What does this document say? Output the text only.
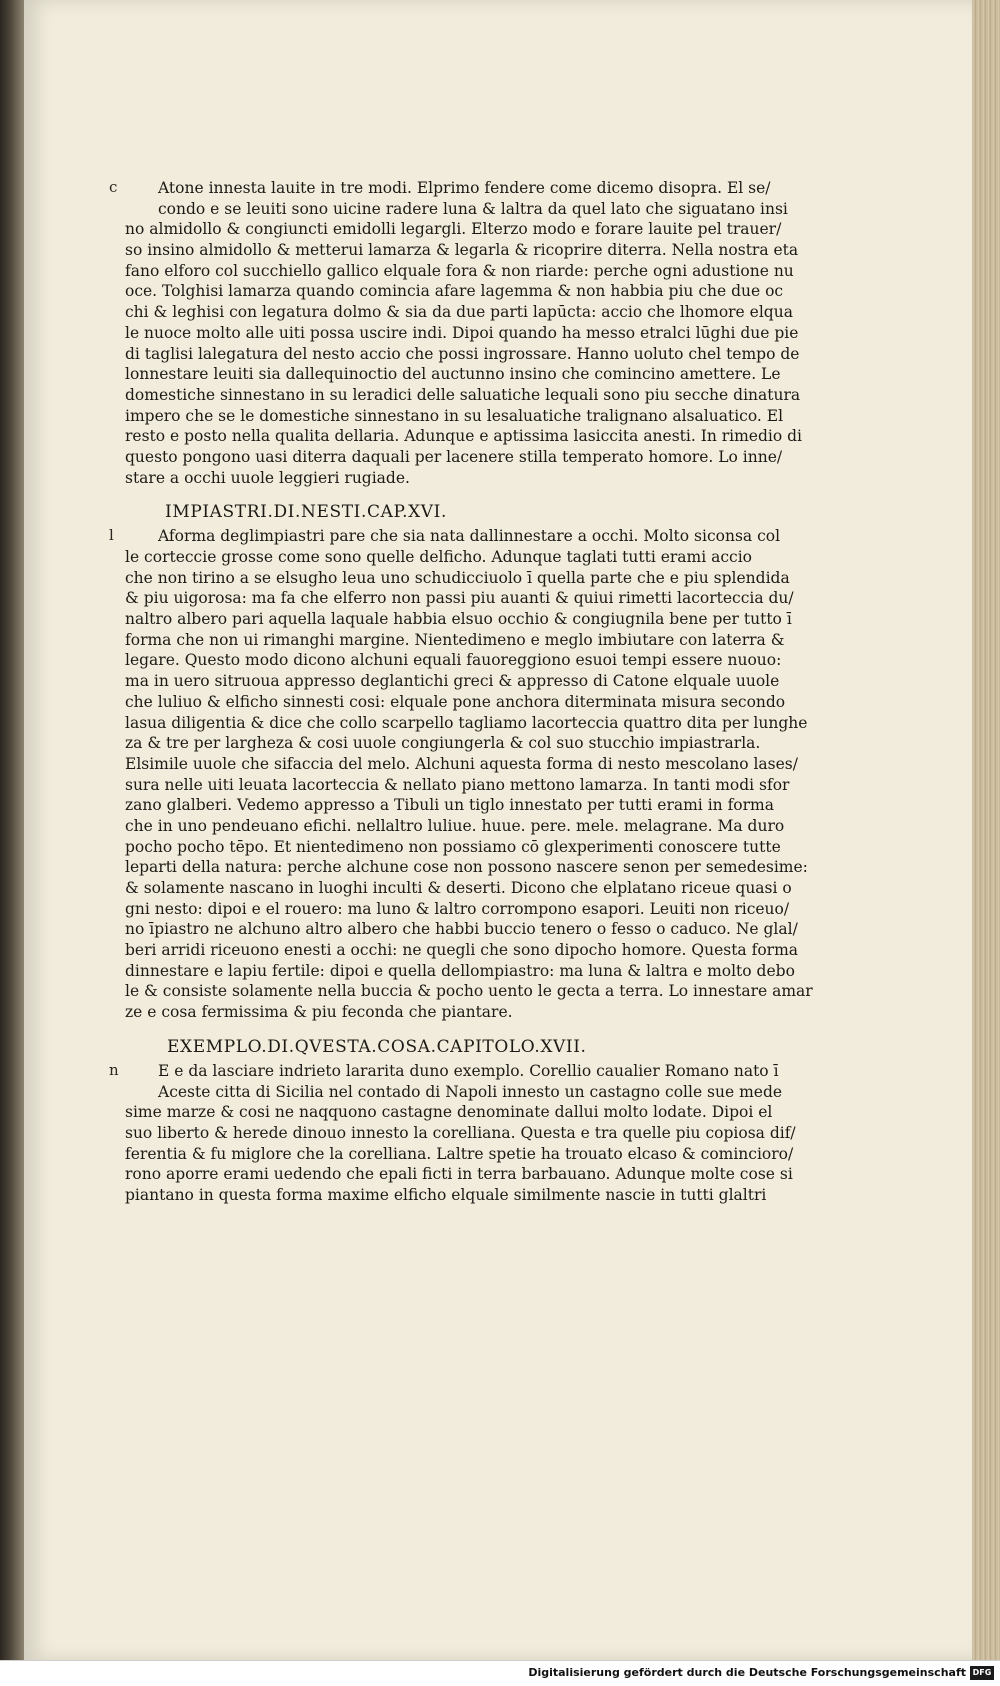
c	Atone innesta lauite in tre modi. Elprimo fendere come dicemo disopra. El se/
condo e se leuiti sono uicine radere luna & laltra da quel lato che siguatano insi
no almidollo & congiuncti emidolli legargli. Elterzo modo e forare lauite pel trauer/
so insino almidollo & metterui lamarza & legarla & ricoprire diterra. Nella nostra eta
fano elforo col succhiello gallico elquale fora & non riarde: perche ogni adustione nu
oce. Tolghisi lamarza quando comincia afare lagemma & non habbia piu che due oc
chi & leghisi con legatura dolmo & sia da due parti lapūcta: accio che lhomore elqua
le nuoce molto alle uiti possa uscire indi. Dipoi quando ha messo etralci lūghi due pie
di taglisi lalegatura del nesto accio che possi ingrossare. Hanno uoluto chel tempo de
lonnestare leuiti sia dallequinoctio del auctunno insino che comincino amettere. Le
domestiche sinnestano in su leradici delle saluatiche lequali sono piu secche dinatura
impero che se le domestiche sinnestano in su lesaluatiche tralignano alsaluatico. El
resto e posto nella qualita dellaria. Adunque e aptissima lasiccita anesti. In rimedio di
questo pongono uasi diterra daquali per lacenere stilla temperato homore. Lo inne/
stare a occhi uuole leggieri rugiade.
IMPIASTRI.DI.NESTI.CAP.XVI.
l	Aforma deglimpiastri pare che sia nata dallinnestare a occhi. Molto siconsa col
le corteccie grosse come sono quelle delficho. Adunque taglati tutti erami accio
che non tirino a se elsugho leua uno schudicciuolo ī quella parte che e piu splendida
& piu uigorosa: ma fa che elferro non passi piu auanti & quiui rimetti lacorteccia du/
naltro albero pari aquella laquale habbia elsuo occhio & congiugnila bene per tutto ī
forma che non ui rimanghi margine. Nientedimeno e meglo imbiutare con laterra &
legare. Questo modo dicono alchuni equali fauoreggiono esuoi tempi essere nuouo:
ma in uero sitruoua appresso deglantichi greci & appresso di Catone elquale uuole
che luliuo & elficho sinnesti cosi: elquale pone anchora diterminata misura secondo
lasua diligentia & dice che collo scarpello tagliamo lacorteccia quattro dita per lunghe
za & tre per largheza & cosi uuole congiungerla & col suo stucchio impiastrarla.
Elsimile uuole che sifaccia del melo. Alchuni aquesta forma di nesto mescolano lases/
sura nelle uiti leuata lacorteccia & nellato piano mettono lamarza. In tanti modi sfor
zano glalberi. Vedemo appresso a Tibuli un tiglo innestato per tutti erami in forma
che in uno pendeuano efichi. nellaltro luliue. huue. pere. mele. melagrane. Ma duro
pocho pocho tēpo. Et nientedimeno non possiamo cō glexperimenti conoscere tutte
leparti della natura: perche alchune cose non possono nascere senon per semedesime:
& solamente nascano in luoghi inculti & deserti. Dicono che elplatano riceue quasi o
gni nesto: dipoi e el rouero: ma luno & laltro corrompono esapori. Leuiti non riceuo/
no īpiastro ne alchuno altro albero che habbi buccio tenero o fesso o caduco. Ne glal/
beri arridi riceuono enesti a occhi: ne quegli che sono dipocho homore. Questa forma
dinnestare e lapiu fertile: dipoi e quella dellompiastro: ma luna & laltra e molto debo
le & consiste solamente nella buccia & pocho uento le gecta a terra. Lo innestare amar
ze e cosa fermissima & piu feconda che piantare.
EXEMPLO.DI.QVESTA.COSA.CAPITOLO.XVII.
n	E e da lasciare indrieto lararita duno exemplo. Corellio caualier Romano nato ī
Aceste citta di Sicilia nel contado di Napoli innesto un castagno colle sue mede
sime marze & cosi ne naqquono castagne denominate dallui molto lodate. Dipoi el
suo liberto & herede dinouo innesto la corelliana. Questa e tra quelle piu copiosa dif/
ferentia & fu miglore che la corelliana. Laltre spetie ha trouato elcaso & comincioro/
rono aporre erami uedendo che epali ficti in terra barbauano. Adunque molte cose si
piantano in questa forma maxime elficho elquale similmente nascie in tutti glaltri
Digitalisierung gefördert durch die Deutsche Forschungsgemeinschaft DFG
